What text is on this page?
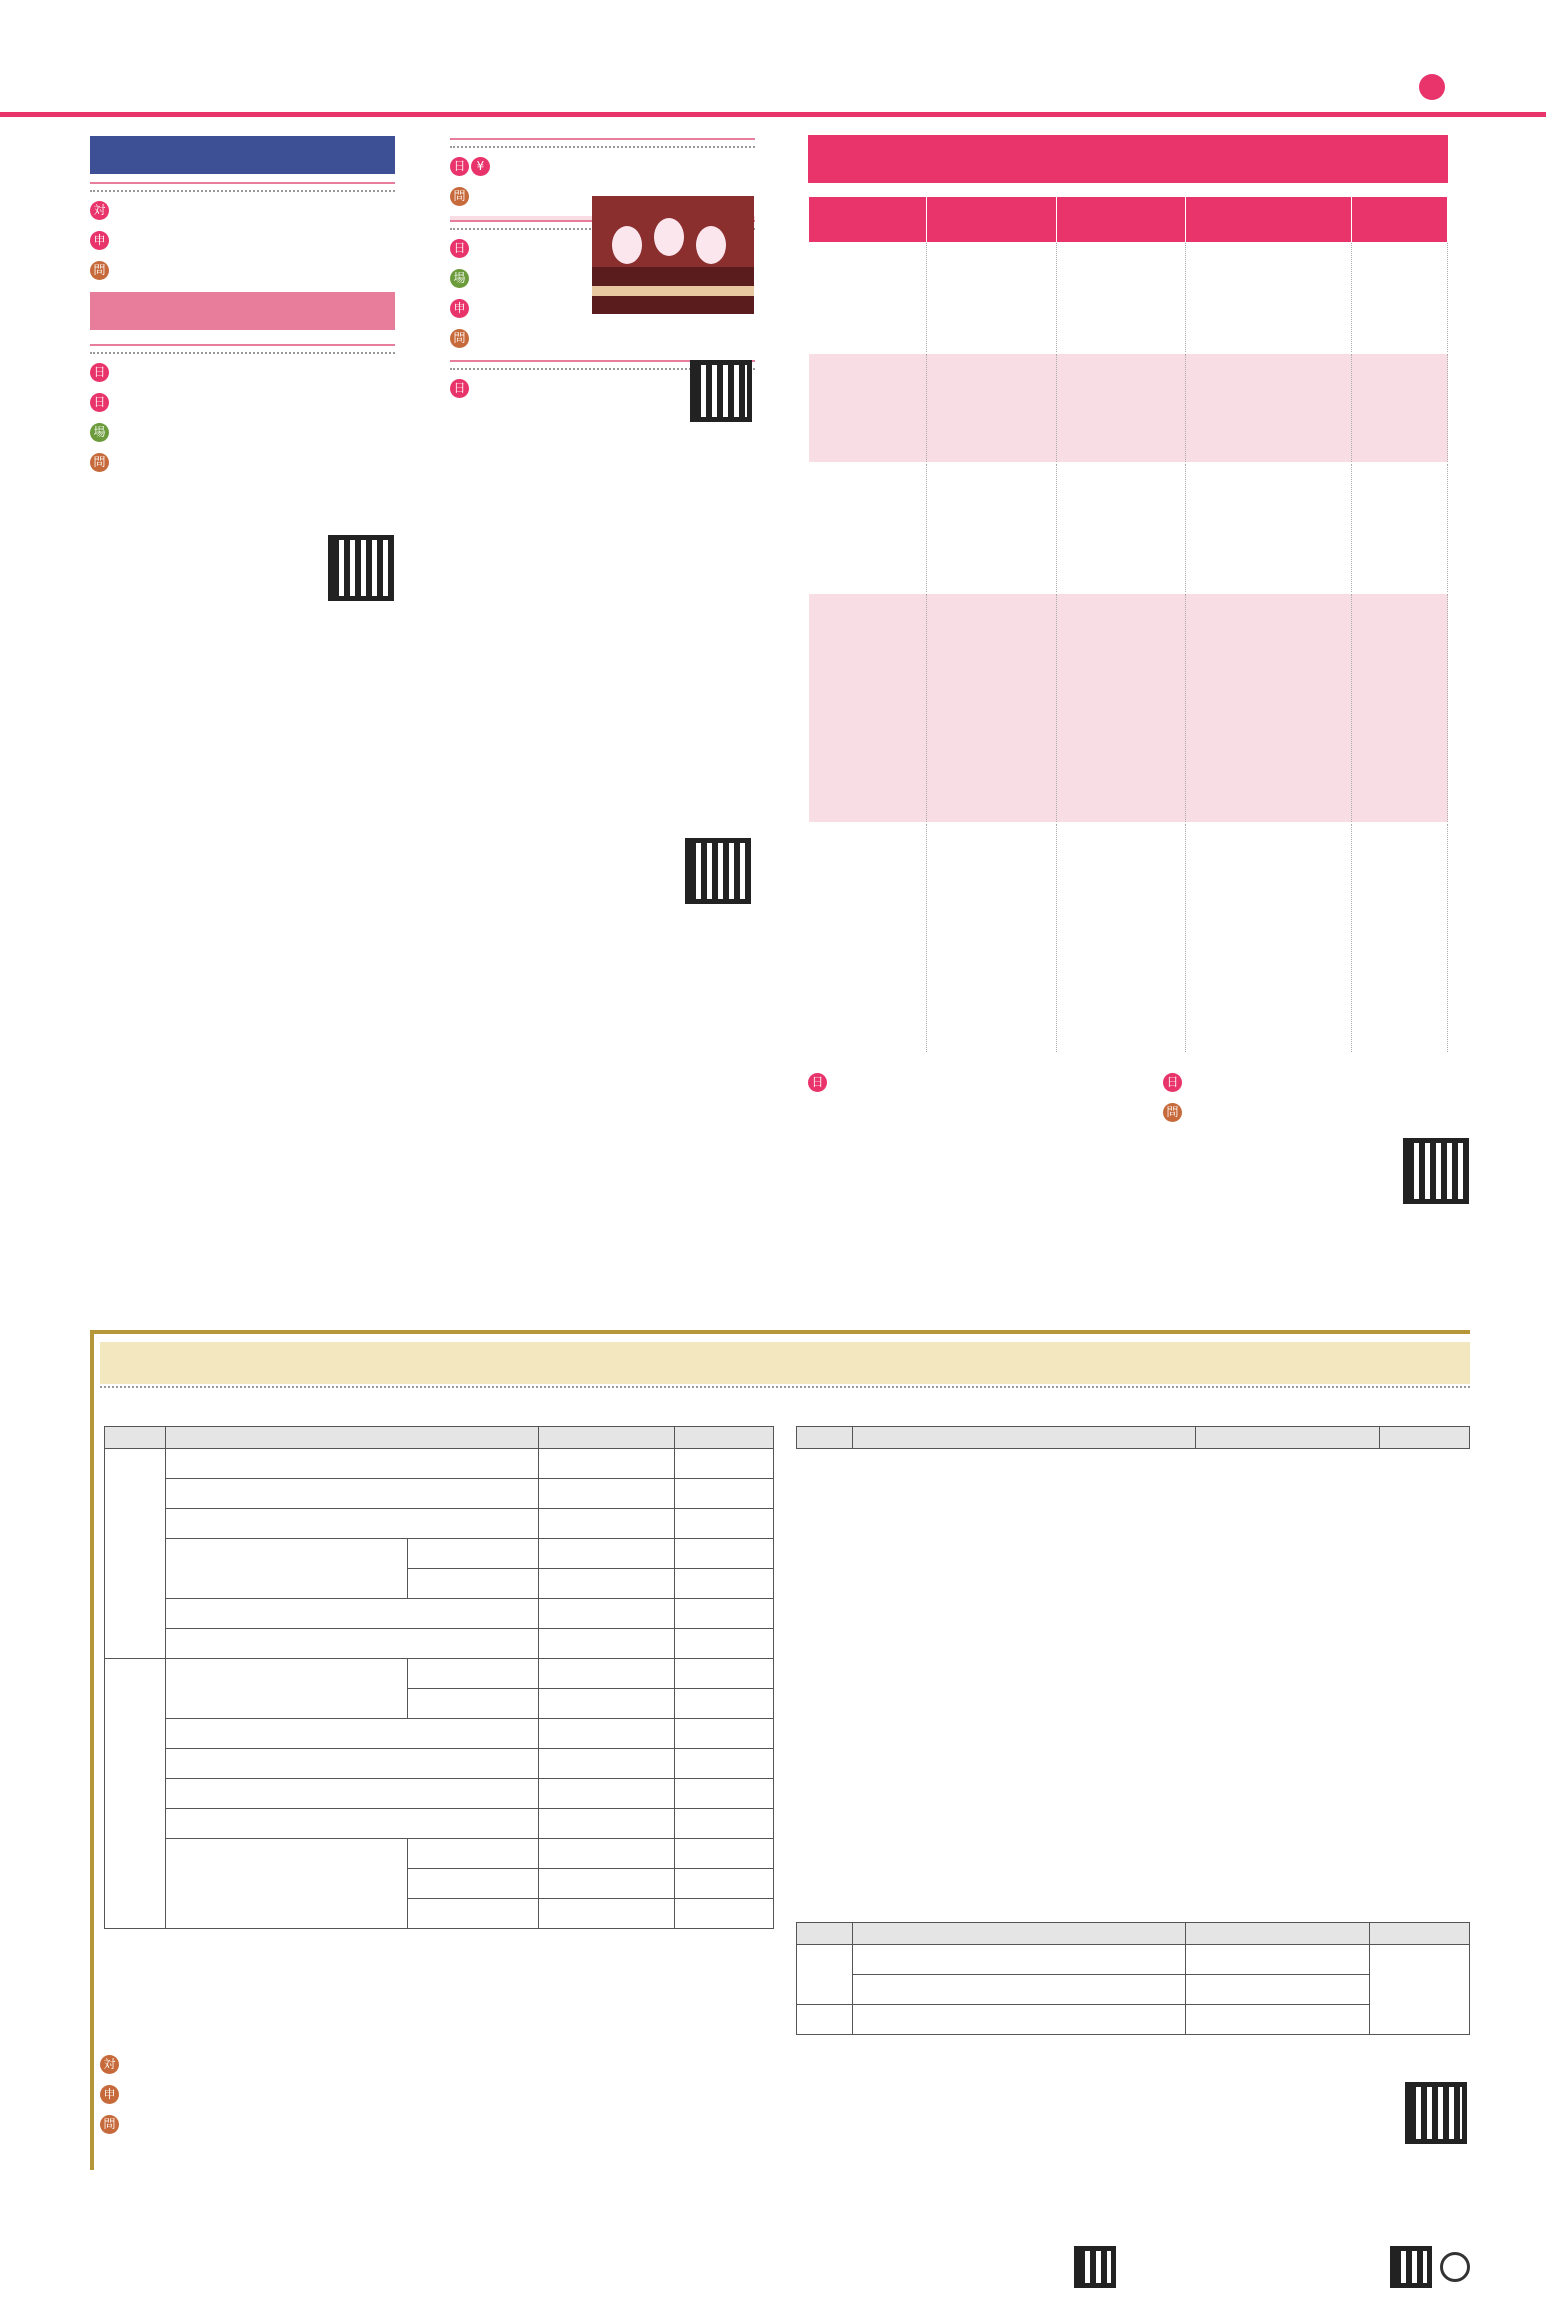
対

申

問

日

日

場

問

日 ¥

問

日

場

申

問

日

日	日

問

対

申

問
